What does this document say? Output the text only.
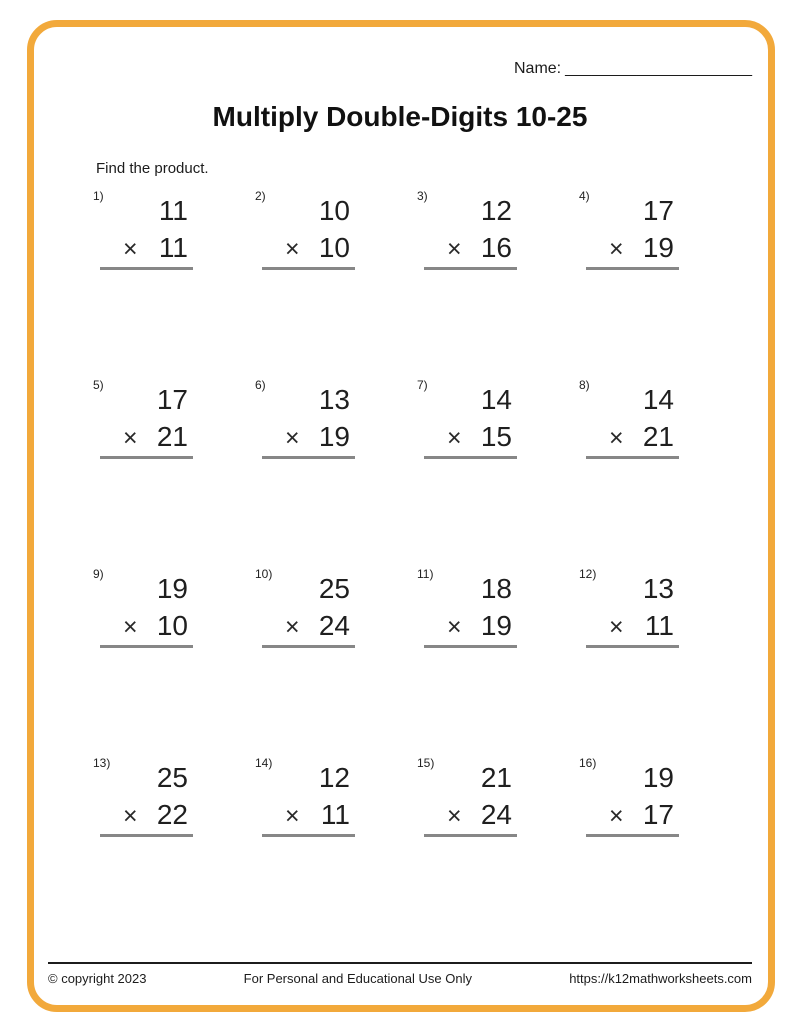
Name: _____________________
Multiply Double-Digits 10-25
Find the product.
1)	11
× 11
2)	10
× 10
3)	12
× 16
4)	17
× 19
5)	17
× 21
6)	13
× 19
7)	14
× 15
8)	14
× 21
9)	19
× 10
10)	25
× 24
11)	18
× 19
12)	13
× 11
13)	25
× 22
14)	12
× 11
15)	21
× 24
16)	19
× 17
© copyright 2023	For Personal and Educational Use Only	https://k12mathworksheets.com
